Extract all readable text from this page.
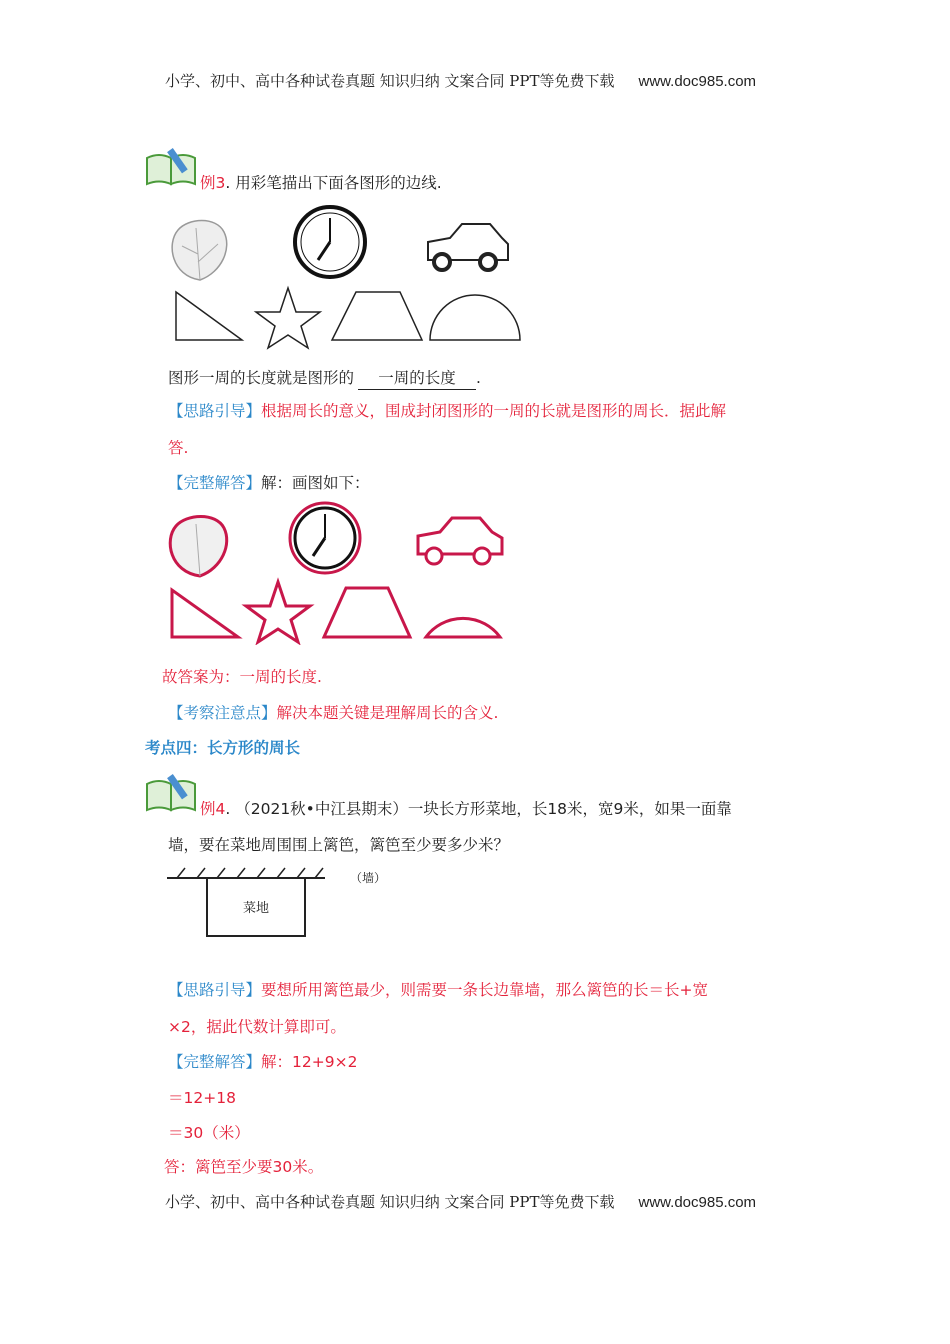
小学、初中、高中各种试卷真题 知识归纳 文案合同 PPT等免费下载 www.doc985.com
例3. 用彩笔描出下面各图形的边线.
图形一周的长度就是图形的 一周的长度 .
【思路引导】根据周长的意义，围成封闭图形的一周的长就是图形的周长．据此解
答.
【完整解答】解：画图如下：
故答案为：一周的长度.
【考察注意点】解决本题关键是理解周长的含义.
考点四：长方形的周长
例4. （2021秋•中江县期末）一块长方形菜地，长18米，宽9米，如果一面靠
墙，要在菜地周围围上篱笆，篱笆至少要多少米？
菜地
（墙）
【思路引导】要想所用篱笆最少，则需要一条长边靠墙，那么篱笆的长＝长+宽
×2，据此代数计算即可。
【完整解答】解：12+9×2
＝12+18
＝30（米）
答：篱笆至少要30米。
小学、初中、高中各种试卷真题 知识归纳 文案合同 PPT等免费下载 www.doc985.com
